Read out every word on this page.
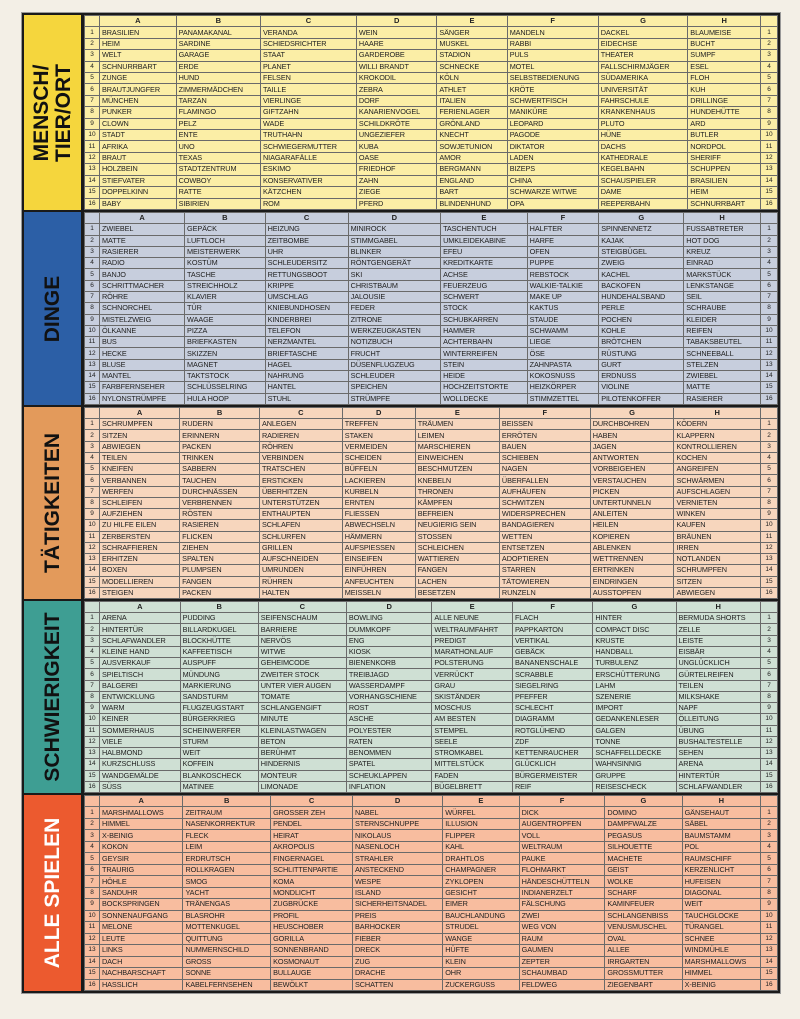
MENSCH/
TIER/ORT
	A	B	C	D	E	F	G	H	
1	BRASILIEN	PANAMAKANAL	VERANDA	WEIN	SÄNGER	MANDELN	DACKEL	BLAUMEISE	1
2	HEIM	SARDINE	SCHIEDSRICHTER	HAARE	MUSKEL	RABBI	EIDECHSE	BUCHT	2
3	WELT	GARAGE	STAAT	GARDEROBE	STADION	PULS	THEATER	SUMPF	3
4	SCHNURRBART	ERDE	PLANET	WILLI BRANDT	SCHNECKE	MOTEL	FALLSCHIRMJÄGER	ESEL	4
5	ZUNGE	HUND	FELSEN	KROKODIL	KÖLN	SELBSTBEDIENUNG	SÜDAMERIKA	FLOH	5
6	BRAUTJUNGFER	ZIMMERMÄDCHEN	TAILLE	ZEBRA	ATHLET	KRÖTE	UNIVERSITÄT	KUH	6
7	MÜNCHEN	TARZAN	VIERLINGE	DORF	ITALIEN	SCHWERTFISCH	FAHRSCHULE	DRILLINGE	7
8	PUNKER	FLAMINGO	GIFTZAHN	KANARIENVOGEL	FERIENLAGER	MANIKÜRE	KRANKENHAUS	HUNDEHÜTTE	8
9	CLOWN	PELZ	WADE	SCHILDKRÖTE	GRÖNLAND	LEOPARD	PLUTO	ARD	9
10	STADT	ENTE	TRUTHAHN	UNGEZIEFER	KNECHT	PAGODE	HÜNE	BUTLER	10
11	AFRIKA	UNO	SCHWIEGERMUTTER	KUBA	SOWJETUNION	DIKTATOR	DACHS	NORDPOL	11
12	BRAUT	TEXAS	NIAGARAFÄLLE	OASE	AMOR	LADEN	KATHEDRALE	SHERIFF	12
13	HOLZBEIN	STADTZENTRUM	ESKIMO	FRIEDHOF	BERGMANN	BIZEPS	KEGELBAHN	SCHUPPEN	13
14	STIEFVATER	COWBOY	KONSERVATIVER	ZAHN	ENGLAND	CHINA	SCHAUSPIELER	BRASILIEN	14
15	DOPPELKINN	RATTE	KÄTZCHEN	ZIEGE	BART	SCHWARZE WITWE	DAME	HEIM	15
16	BABY	SIBIRIEN	ROM	PFERD	BLINDENHUND	OPA	REEPERBAHN	SCHNURRBART	16
DINGE
	A	B	C	D	E	F	G	H	
1	ZWIEBEL	GEPÄCK	HEIZUNG	MINIROCK	TASCHENTUCH	HALFTER	SPINNENNETZ	FUSSABTRETER	1
2	MATTE	LUFTLOCH	ZEITBOMBE	STIMMGABEL	UMKLEIDEKABINE	HARFE	KAJAK	HOT DOG	2
3	RASIERER	MEISTERWERK	UHR	BLINKER	EFEU	OFEN	STEIGBÜGEL	KREUZ	3
4	RADIO	KOSTÜM	SCHLEUDERSITZ	RÖNTGENGERÄT	KREDITKARTE	PUPPE	ZWEIG	EINRAD	4
5	BANJO	TASCHE	RETTUNGSBOOT	SKI	ACHSE	REBSTOCK	KACHEL	MARKSTÜCK	5
6	SCHRITTMACHER	STREICHHOLZ	KRIPPE	CHRISTBAUM	FEUERZEUG	WALKIE-TALKIE	BACKOFEN	LENKSTANGE	6
7	RÖHRE	KLAVIER	UMSCHLAG	JALOUSIE	SCHWERT	MAKE UP	HUNDEHALSBAND	SEIL	7
8	SCHNORCHEL	TÜR	KNIEBUNDHOSEN	FEDER	STOCK	KAKTUS	PERLE	SCHRAUBE	8
9	MISTELZWEIG	WAAGE	KINDERBREI	ZITRONE	SCHUBKARREN	STAUDE	POCHEN	KLEIDER	9
10	ÖLKANNE	PIZZA	TELEFON	WERKZEUGKASTEN	HAMMER	SCHWAMM	KOHLE	REIFEN	10
11	BUS	BRIEFKASTEN	NERZMANTEL	NOTIZBUCH	ACHTERBAHN	LIEGE	BRÖTCHEN	TABAKSBEUTEL	11
12	HECKE	SKIZZEN	BRIEFTASCHE	FRUCHT	WINTERREIFEN	ÖSE	RÜSTUNG	SCHNEEBALL	12
13	BLUSE	MAGNET	HAGEL	DÜSENFLUGZEUG	STEIN	ZAHNPASTA	GURT	STELZEN	13
14	MANTEL	TAKTSTOCK	NAHRUNG	SCHLEUDER	HEIDE	KOKOSNUSS	ERDNUSS	ZWIEBEL	14
15	FARBFERNSEHER	SCHLÜSSELRING	HANTEL	SPEICHEN	HOCHZEITSTORTE	HEIZKÖRPER	VIOLINE	MATTE	15
16	NYLONSTRÜMPFE	HULA HOOP	STUHL	STRÜMPFE	WOLLDECKE	STIMMZETTEL	PILOTENKOFFER	RASIERER	16
TÄTIGKEITEN
	A	B	C	D	E	F	G	H	
1	SCHRUMPFEN	RUDERN	ANLEGEN	TREFFEN	TRÄUMEN	BEISSEN	DURCHBOHREN	KÖDERN	1
2	SITZEN	ERINNERN	RADIEREN	STAKEN	LEIMEN	ERRÖTEN	HABEN	KLAPPERN	2
3	ABWIEGEN	PACKEN	RÖHREN	VERMEIDEN	MARSCHIEREN	BAUEN	JAGEN	KONTROLLIEREN	3
4	TEILEN	TRINKEN	VERBINDEN	SCHEIDEN	EINWEICHEN	SCHIEBEN	ANTWORTEN	KOCHEN	4
5	KNEIFEN	SABBERN	TRATSCHEN	BÜFFELN	BESCHMUTZEN	NAGEN	VORBEIGEHEN	ANGREIFEN	5
6	VERBANNEN	TAUCHEN	ERSTICKEN	LACKIEREN	KNEBELN	ÜBERFALLEN	VERSTAUCHEN	SCHWÄRMEN	6
7	WERFEN	DURCHNÄSSEN	ÜBERHITZEN	KURBELN	THRONEN	AUFHÄUFEN	PICKEN	AUFSCHLAGEN	7
8	SCHLEIFEN	VERBRENNEN	UNTERSTÜTZEN	ERNTEN	KÄMPFEN	SCHWITZEN	UNTERTUNNELN	VERNIETEN	8
9	AUFZIEHEN	RÖSTEN	ENTHAUPTEN	FLIESSEN	BEFREIEN	WIDERSPRECHEN	ANLEITEN	WINKEN	9
10	ZU HILFE EILEN	RASIEREN	SCHLAFEN	ABWECHSELN	NEUGIERIG SEIN	BANDAGIEREN	HEILEN	KAUFEN	10
11	ZERBERSTEN	FLICKEN	SCHLURFEN	HÄMMERN	STOSSEN	WETTEN	KOPIEREN	BRÄUNEN	11
12	SCHRAFFIEREN	ZIEHEN	GRILLEN	AUFSPIESSEN	SCHLEICHEN	ENTSETZEN	ABLENKEN	IRREN	12
13	ERHITZEN	SPALTEN	AUFSCHNEIDEN	EINSEIFEN	WATTIEREN	ADOPTIEREN	WETTRENNEN	NOTLANDEN	13
14	BOXEN	PLUMPSEN	UMRUNDEN	EINFÜHREN	FANGEN	STARREN	ERTRINKEN	SCHRUMPFEN	14
15	MODELLIEREN	FANGEN	RÜHREN	ANFEUCHTEN	LACHEN	TÄTOWIEREN	EINDRINGEN	SITZEN	15
16	STEIGEN	PACKEN	HALTEN	MEISSELN	BESETZEN	RUNZELN	AUSSTOPFEN	ABWIEGEN	16
SCHWIERIGKEIT
	A	B	C	D	E	F	G	H	
1	ARENA	PUDDING	SEIFENSCHAUM	BOWLING	ALLE NEUNE	FLACH	HINTER	BERMUDA SHORTS	1
2	HINTERTÜR	BILLARDKUGEL	BARRIERE	DUMMKOPF	WELTRAUMFAHRT	PAPPKARTON	COMPACT DISC	ZELLE	2
3	SCHLAFWANDLER	BLOCKHÜTTE	NERVÖS	ENG	PREDIGT	VERTIKAL	KRUSTE	LEISTE	3
4	KLEINE HAND	KAFFEETISCH	WITWE	KIOSK	MARATHONLAUF	GEBÄCK	HANDBALL	EISBÄR	4
5	AUSVERKAUF	AUSPUFF	GEHEIMCODE	BIENENKORB	POLSTERUNG	BANANENSCHALE	TURBULENZ	UNGLÜCKLICH	5
6	SPIELTISCH	MÜNDUNG	ZWEITER STOCK	TREIBJAGD	VERRÜCKT	SCRABBLE	ERSCHÜTTERUNG	GÜRTELREIFEN	6
7	BALGEREI	MARKIERUNG	UNTER VIER AUGEN	WASSERDAMPF	GRAU	SIEGELRING	LAHM	TEILEN	7
8	ENTWICKLUNG	SANDSTURM	TOMATE	VORHANGSCHIENE	SKISTÄNDER	PFEFFER	SZENERIE	MILKSHAKE	8
9	WARM	FLUGZEUGSTART	SCHLANGENGIFT	ROST	MOSCHUS	SCHLECHT	IMPORT	NAPF	9
10	KEINER	BÜRGERKRIEG	MINUTE	ASCHE	AM BESTEN	DIAGRAMM	GEDANKENLESER	ÖLLEITUNG	10
11	SOMMERHAUS	SCHEINWERFER	KLEINLASTWAGEN	POLYESTER	STEMPEL	ROTGLÜHEND	GALGEN	ÜBUNG	11
12	VIELE	STURM	BETON	RATEN	SEELE	ZDF	TONNE	BUSHALTESTELLE	12
13	HALBMOND	WEIT	BERÜHMT	BENOMMEN	STROMKABEL	KETTENRAUCHER	SCHAFFELLDECKE	SEHEN	13
14	KURZSCHLUSS	KOFFEIN	HINDERNIS	SPATEL	MITTELSTÜCK	GLÜCKLICH	WAHNSINNIG	ARENA	14
15	WANDGEMÄLDE	BLANKOSCHECK	MONTEUR	SCHEUKLAPPEN	FADEN	BÜRGERMEISTER	GRUPPE	HINTERTÜR	15
16	SÜSS	MATINEE	LIMONADE	INFLATION	BÜGELBRETT	REIF	REISESCHECK	SCHLAFWANDLER	16
ALLE SPIELEN
	A	B	C	D	E	F	G	H	
1	MARSHMALLOWS	ZEITRAUM	GROSSER ZEH	NABEL	WÜRFEL	DICK	DOMINO	GÄNSEHAUT	1
2	HIMMEL	NASENKORREKTUR	PENDEL	STERNSCHNUPPE	ILLUSION	AUGENTROPFEN	DAMPFWALZE	SÄBEL	2
3	X-BEINIG	FLECK	HEIRAT	NIKOLAUS	FLIPPER	VOLL	PEGASUS	BAUMSTAMM	3
4	KOKON	LEIM	AKROPOLIS	NASENLOCH	KAHL	WELTRAUM	SILHOUETTE	POL	4
5	GEYSIR	ERDRUTSCH	FINGERNAGEL	STRAHLER	DRAHTLOS	PAUKE	MACHETE	RAUMSCHIFF	5
6	TRAURIG	ROLLKRAGEN	SCHLITTENPARTIE	ANSTECKEND	CHAMPAGNER	FLOHMARKT	GEIST	KERZENLICHT	6
7	HÖHLE	SMOG	KOMA	WESPE	ZYKLOPEN	HÄNDESCHÜTTELN	WOLKE	HUFEISEN	7
8	SANDUHR	YACHT	MONDLICHT	ISLAND	GESICHT	INDIANERZELT	SCHARF	DIAGONAL	8
9	BOCKSPRINGEN	TRÄNENGAS	ZUGBRÜCKE	SICHERHEITSNADEL	EIMER	FÄLSCHUNG	KAMINFEUER	WEIT	9
10	SONNENAUFGANG	BLASROHR	PROFIL	PREIS	BAUCHLANDUNG	ZWEI	SCHLANGENBISS	TAUCHGLOCKE	10
11	MELONE	MOTTENKUGEL	HEUSCHOBER	BARHOCKER	STRUDEL	WEG VON	VENUSMUSCHEL	TÜRANGEL	11
12	LEUTE	QUITTUNG	GORILLA	FIEBER	WANGE	RAUM	OVAL	SCHNEE	12
13	LINKS	NUMMERNSCHILD	SONNENBRAND	DRECK	HÜFTE	GAUMEN	ALLEE	WINDMÜHLE	13
14	DACH	GROSS	KOSMONAUT	ZUG	KLEIN	ZEPTER	IRRGARTEN	MARSHMALLOWS	14
15	NACHBARSCHAFT	SONNE	BULLAUGE	DRACHE	OHR	SCHAUMBAD	GROSSMUTTER	HIMMEL	15
16	HASSLICH	KABELFERNSEHEN	BEWÖLKT	SCHATTEN	ZUCKERGUSS	FELDWEG	ZIEGENBART	X-BEINIG	16
